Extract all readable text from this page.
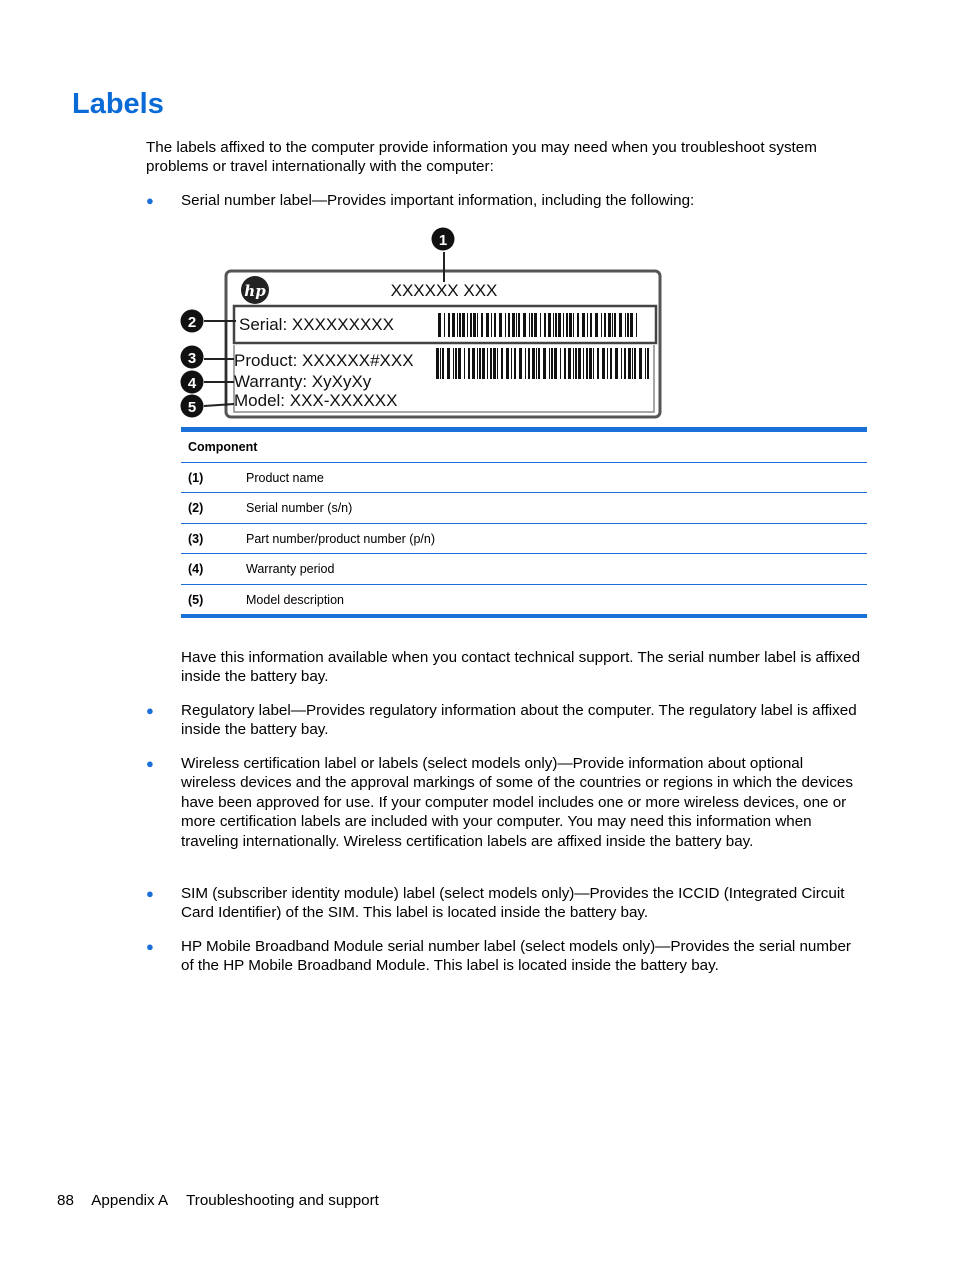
Labels

The labels affixed to the computer provide information you may need when you troubleshoot system problems or travel internationally with the computer:

● Serial number label—Provides important information, including the following:

hp
1
XXXXXX XXX
2	Serial: XXXXXXXXX
3 Product: XXXXXX#XXX
4 Warranty: XyXyXy
5 Model: XXX-XXXXXX
Component
(1)	Product name
(2)	Serial number (s/n)
(3)	Part number/product number (p/n)
(4)	Warranty period
(5)	Model description

Have this information available when you contact technical support. The serial number label is affixed inside the battery bay.

● Regulatory label—Provides regulatory information about the computer. The regulatory label is affixed inside the battery bay.

● Wireless certification label or labels (select models only)—Provide information about optional wireless devices and the approval markings of some of the countries or regions in which the devices have been approved for use. If your computer model includes one or more wireless devices, one or more certification labels are included with your computer. You may need this information when traveling internationally. Wireless certification labels are affixed inside the battery bay.

● SIM (subscriber identity module) label (select models only)—Provides the ICCID (Integrated Circuit Card Identifier) of the SIM. This label is located inside the battery bay.

● HP Mobile Broadband Module serial number label (select models only)—Provides the serial number of the HP Mobile Broadband Module. This label is located inside the battery bay.

88 Appendix A Troubleshooting and support
